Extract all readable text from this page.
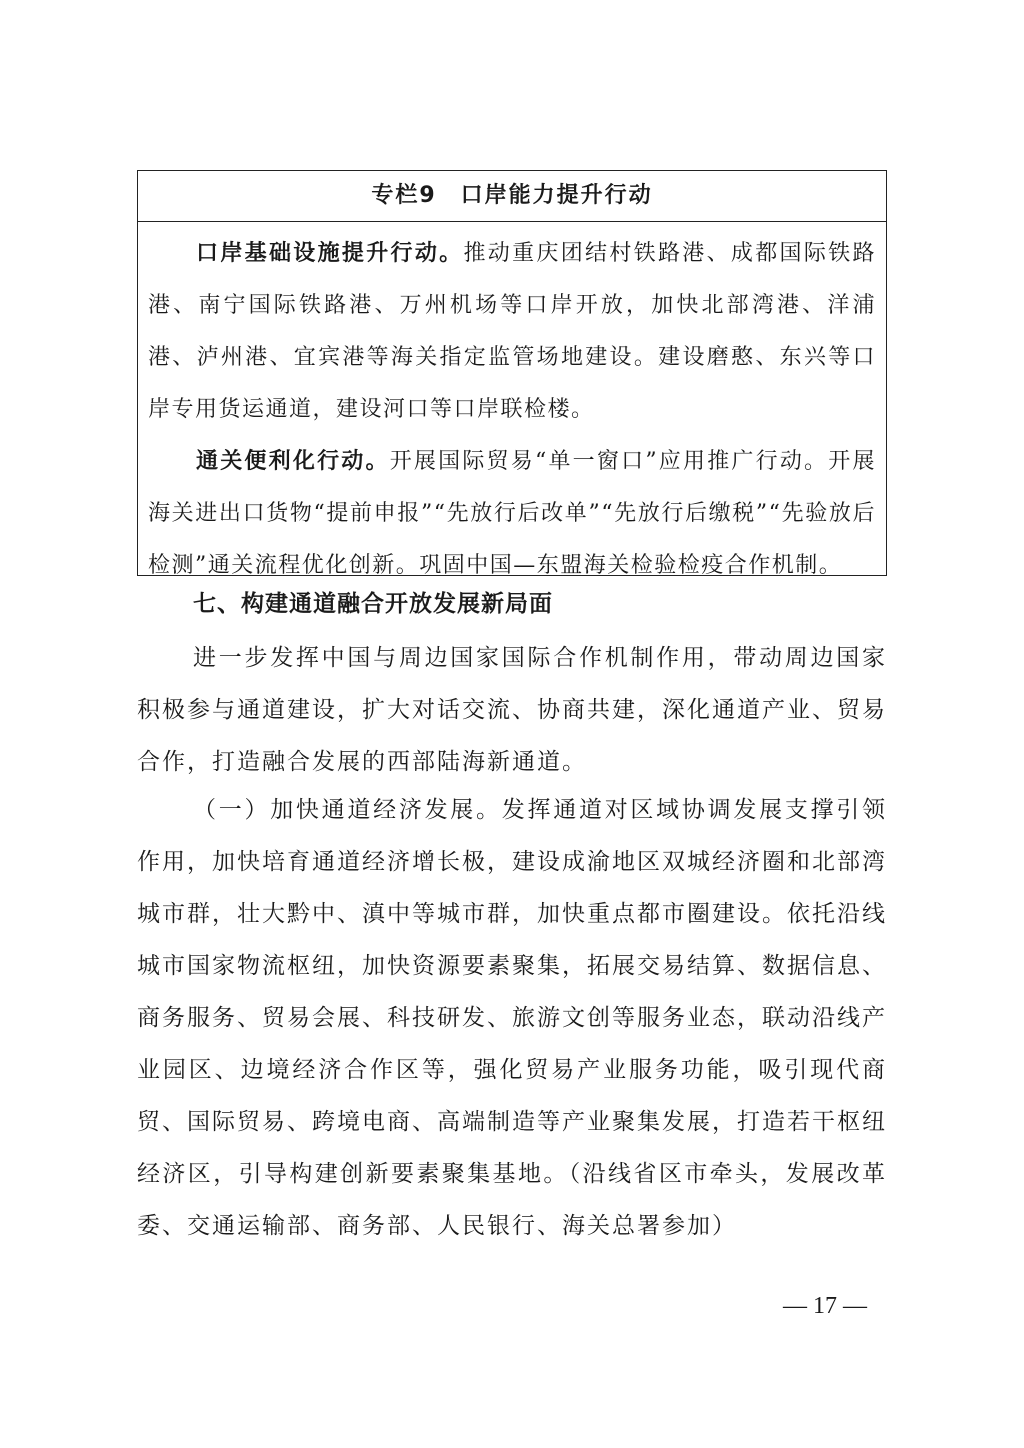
专栏9　口岸能力提升行动

口岸基础设施提升行动。推动重庆团结村铁路港、成都国际铁路港、南宁国际铁路港、万州机场等口岸开放，加快北部湾港、洋浦港、泸州港、宜宾港等海关指定监管场地建设。建设磨憨、东兴等口岸专用货运通道，建设河口等口岸联检楼。

通关便利化行动。开展国际贸易“单一窗口”应用推广行动。开展海关进出口货物“提前申报”“先放行后改单”“先放行后缴税”“先验放后检测”通关流程优化创新。巩固中国—东盟海关检验检疫合作机制。

七、构建通道融合开放发展新局面

进一步发挥中国与周边国家国际合作机制作用，带动周边国家积极参与通道建设，扩大对话交流、协商共建，深化通道产业、贸易合作，打造融合发展的西部陆海新通道。

（一）加快通道经济发展。发挥通道对区域协调发展支撑引领作用，加快培育通道经济增长极，建设成渝地区双城经济圈和北部湾城市群，壮大黔中、滇中等城市群，加快重点都市圈建设。依托沿线城市国家物流枢纽，加快资源要素聚集，拓展交易结算、数据信息、商务服务、贸易会展、科技研发、旅游文创等服务业态，联动沿线产业园区、边境经济合作区等，强化贸易产业服务功能，吸引现代商贸、国际贸易、跨境电商、高端制造等产业聚集发展，打造若干枢纽经济区，引导构建创新要素聚集基地。（沿线省区市牵头，发展改革委、交通运输部、商务部、人民银行、海关总署参加）

— 17 —
